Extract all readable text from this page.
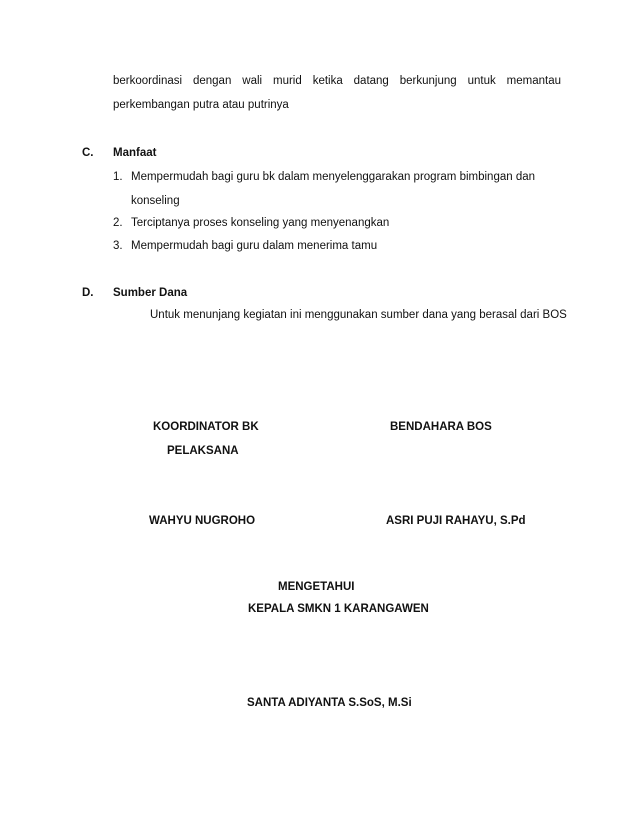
berkoordinasi dengan wali murid ketika datang berkunjung untuk memantau
perkembangan putra atau putrinya
C. Manfaat
1. Mempermudah bagi guru bk dalam menyelenggarakan program bimbingan dan
konseling
2. Terciptanya proses konseling yang menyenangkan
3. Mempermudah bagi guru dalam menerima tamu
D. Sumber Dana
Untuk menunjang kegiatan ini menggunakan sumber dana yang berasal dari BOS
KOORDINATOR BK
PELAKSANA
BENDAHARA BOS
WAHYU NUGROHO	ASRI PUJI RAHAYU, S.Pd
MENGETAHUI
KEPALA SMKN 1 KARANGAWEN
SANTA ADIYANTA S.SoS, M.Si
